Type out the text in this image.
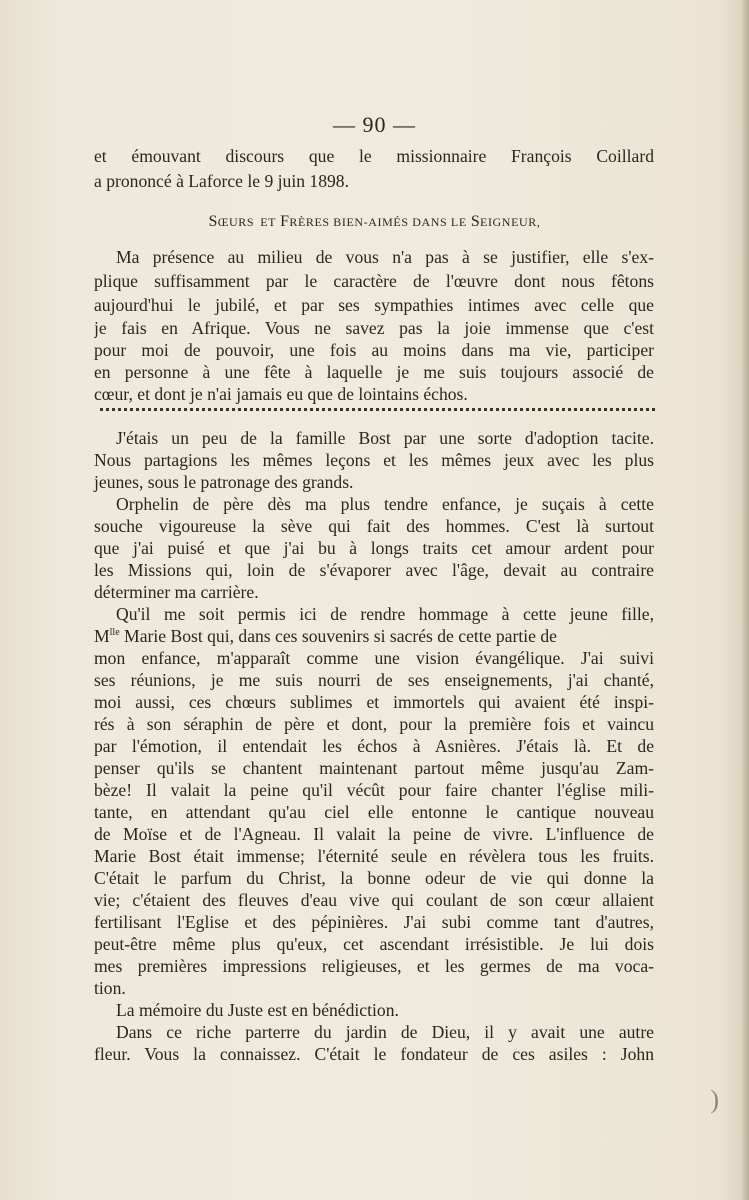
— 90 —
et émouvant discours que le missionnaire François Coillard
a prononcé à Laforce le 9 juin 1898.
SŒURS ET FRÈRES BIEN-AIMÉS DANS LE SEIGNEUR,
Ma présence au milieu de vous n'a pas à se justifier, elle s'ex-
plique suffisamment par le caractère de l'œuvre dont nous fêtons
aujourd'hui le jubilé, et par ses sympathies intimes avec celle que
je fais en Afrique. Vous ne savez pas la joie immense que c'est
pour moi de pouvoir, une fois au moins dans ma vie, participer
en personne à une fête à laquelle je me suis toujours associé de
cœur, et dont je n'ai jamais eu que de lointains échos.
J'étais un peu de la famille Bost par une sorte d'adoption tacite.
Nous partagions les mêmes leçons et les mêmes jeux avec les plus
jeunes, sous le patronage des grands.
Orphelin de père dès ma plus tendre enfance, je suçais à cette
souche vigoureuse la sève qui fait des hommes. C'est là surtout
que j'ai puisé et que j'ai bu à longs traits cet amour ardent pour
les Missions qui, loin de s'évaporer avec l'âge, devait au contraire
déterminer ma carrière.
Qu'il me soit permis ici de rendre hommage à cette jeune fille,
$M^{lle}$ Marie Bost qui, dans ces souvenirs si sacrés de cette partie de
mon enfance, m'apparaît comme une vision évangélique. J'ai suivi
ses réunions, je me suis nourri de ses enseignements, j'ai chanté,
moi aussi, ces chœurs sublimes et immortels qui avaient été inspi-
rés à son séraphin de père et dont, pour la première fois et vaincu
par l'émotion, il entendait les échos à Asnières. J'étais là. Et de
penser qu'ils se chantent maintenant partout même jusqu'au Zam-
bèze! Il valait la peine qu'il vécût pour faire chanter l'église mili-
tante, en attendant qu'au ciel elle entonne le cantique nouveau
de Moïse et de l'Agneau. Il valait la peine de vivre. L'influence de
Marie Bost était immense; l'éternité seule en révèlera tous les fruits.
C'était le parfum du Christ, la bonne odeur de vie qui donne la
vie; c'étaient des fleuves d'eau vive qui coulant de son cœur allaient
fertilisant l'Eglise et des pépinières. J'ai subi comme tant d'autres,
peut-être même plus qu'eux, cet ascendant irrésistible. Je lui dois
mes premières impressions religieuses, et les germes de ma voca-
tion.
La mémoire du Juste est en bénédiction.
Dans ce riche parterre du jardin de Dieu, il y avait une autre
fleur. Vous la connaissez. C'était le fondateur de ces asiles : John
)
